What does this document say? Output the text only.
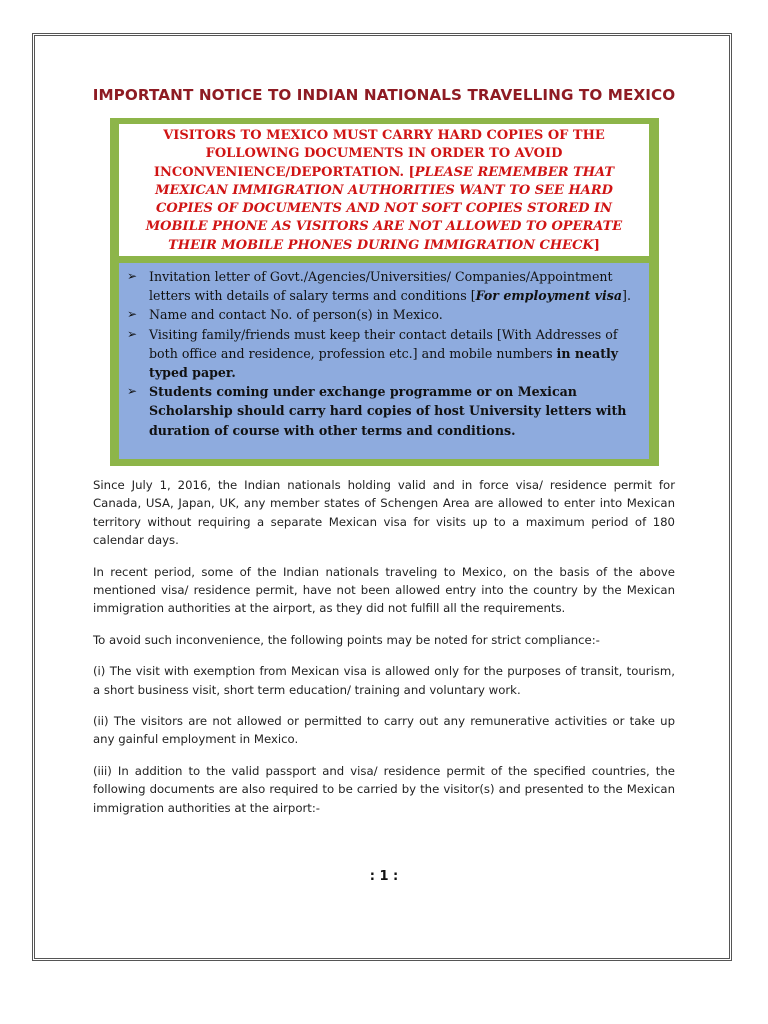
IMPORTANT NOTICE TO INDIAN NATIONALS TRAVELLING TO MEXICO
VISITORS TO MEXICO MUST CARRY HARD COPIES OF THE FOLLOWING DOCUMENTS IN ORDER TO AVOID INCONVENIENCE/DEPORTATION. [PLEASE REMEMBER THAT MEXICAN IMMIGRATION AUTHORITIES WANT TO SEE HARD COPIES OF DOCUMENTS AND NOT SOFT COPIES STORED IN MOBILE PHONE AS VISITORS ARE NOT ALLOWED TO OPERATE THEIR MOBILE PHONES DURING IMMIGRATION CHECK]
➢ Invitation letter of Govt./Agencies/Universities/ Companies/Appointment letters with details of salary terms and conditions [For employment visa].
➢ Name and contact No. of person(s) in Mexico.
➢ Visiting family/friends must keep their contact details [With Addresses of both office and residence, profession etc.] and mobile numbers in neatly typed paper.
➢ Students coming under exchange programme or on Mexican Scholarship should carry hard copies of host University letters with duration of course with other terms and conditions.

Since July 1, 2016, the Indian nationals holding valid and in force visa/ residence permit for Canada, USA, Japan, UK, any member states of Schengen Area are allowed to enter into Mexican territory without requiring a separate Mexican visa for visits up to a maximum period of 180 calendar days.

In recent period, some of the Indian nationals traveling to Mexico, on the basis of the above mentioned visa/ residence permit, have not been allowed entry into the country by the Mexican immigration authorities at the airport, as they did not fulfill all the requirements.

To avoid such inconvenience, the following points may be noted for strict compliance:-

(i) The visit with exemption from Mexican visa is allowed only for the purposes of transit, tourism, a short business visit, short term education/ training and voluntary work.

(ii) The visitors are not allowed or permitted to carry out any remunerative activities or take up any gainful employment in Mexico.

(iii) In addition to the valid passport and visa/ residence permit of the specified countries, the following documents are also required to be carried by the visitor(s) and presented to the Mexican immigration authorities at the airport:-

: 1 :
